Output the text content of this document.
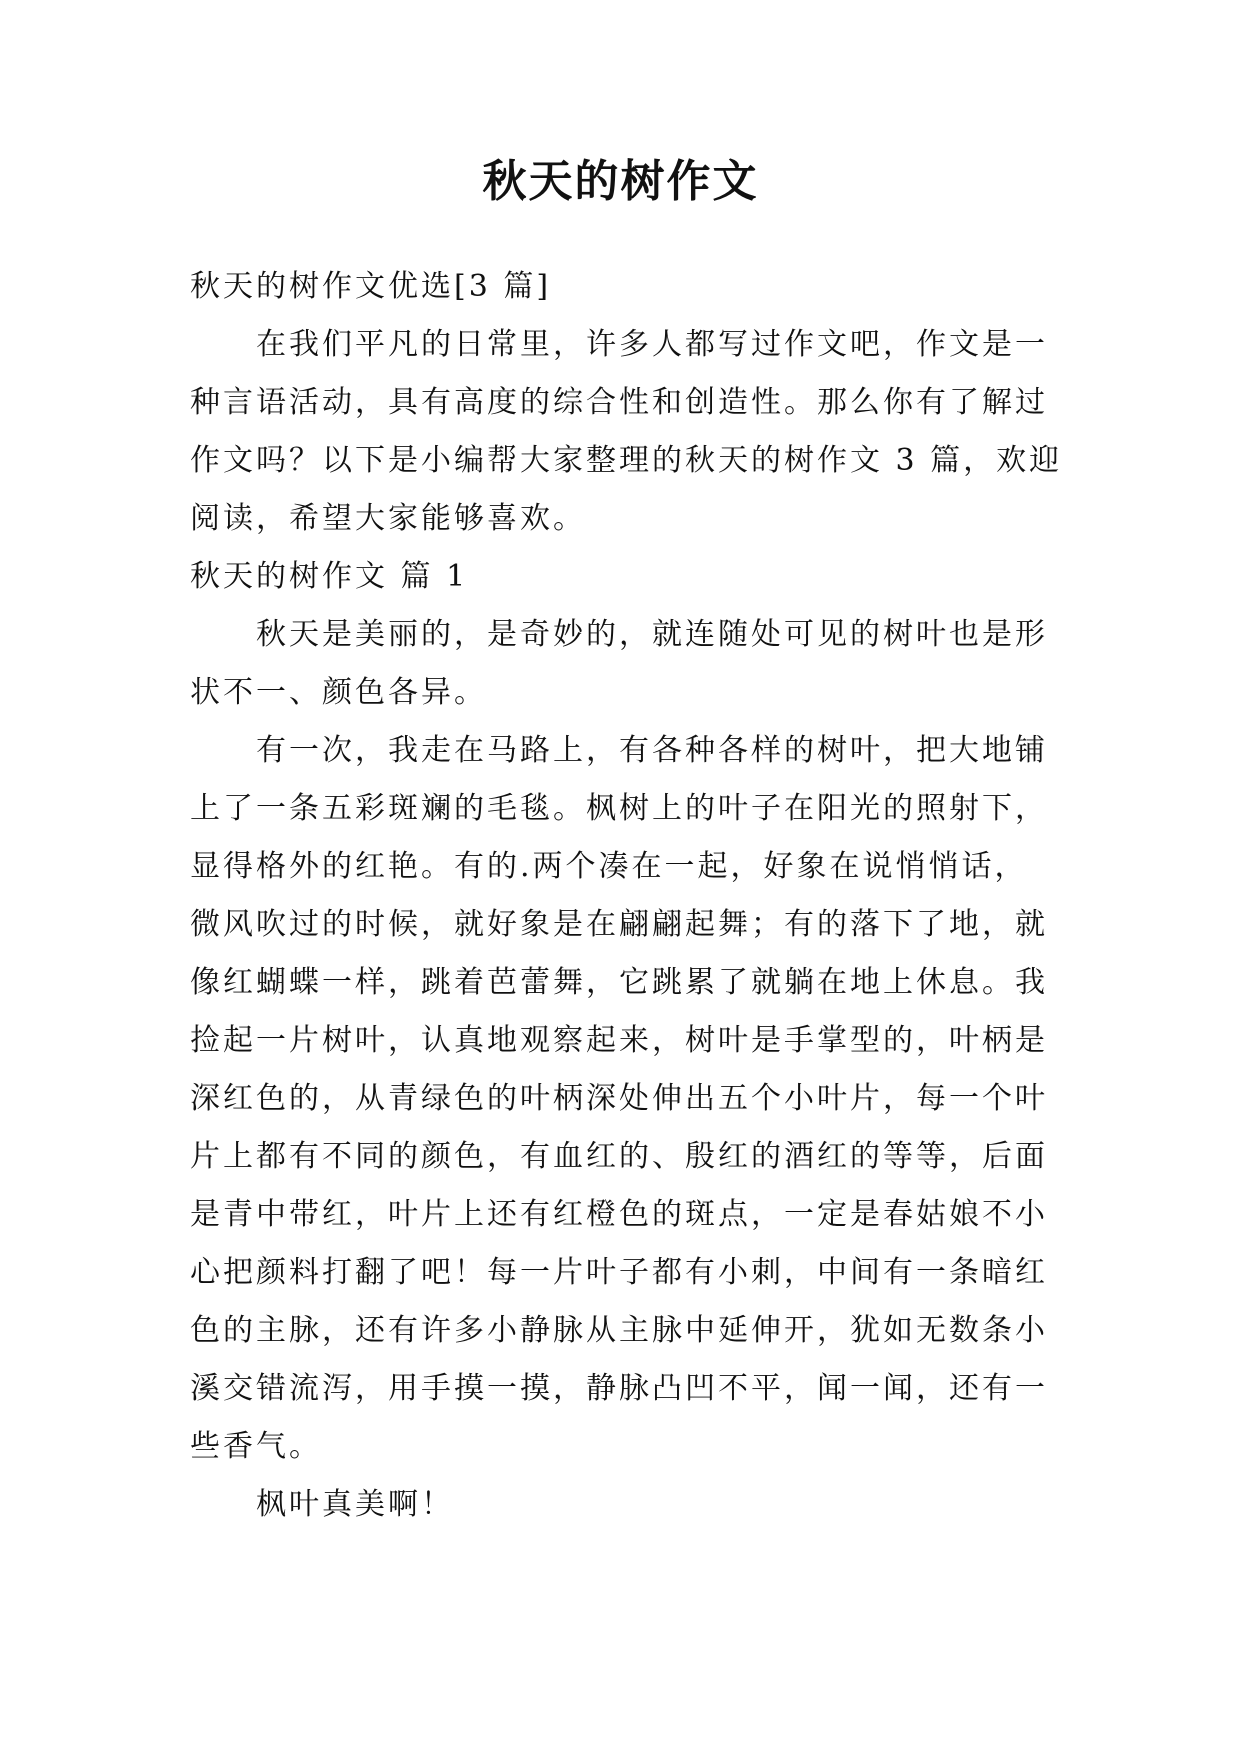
秋天的树作文

秋天的树作文优选[3 篇]

　　在我们平凡的日常里，许多人都写过作文吧，作文是一

种言语活动，具有高度的综合性和创造性。那么你有了解过

作文吗？以下是小编帮大家整理的秋天的树作文 3 篇，欢迎

阅读，希望大家能够喜欢。

秋天的树作文 篇 1

　　秋天是美丽的，是奇妙的，就连随处可见的树叶也是形

状不一、颜色各异。

　　有一次，我走在马路上，有各种各样的树叶，把大地铺

上了一条五彩斑斓的毛毯。枫树上的叶子在阳光的照射下，

显得格外的红艳。有的.两个凑在一起，好象在说悄悄话，

微风吹过的时候，就好象是在翩翩起舞；有的落下了地，就

像红蝴蝶一样，跳着芭蕾舞，它跳累了就躺在地上休息。我

捡起一片树叶，认真地观察起来，树叶是手掌型的，叶柄是

深红色的，从青绿色的叶柄深处伸出五个小叶片，每一个叶

片上都有不同的颜色，有血红的、殷红的酒红的等等，后面

是青中带红，叶片上还有红橙色的斑点，一定是春姑娘不小

心把颜料打翻了吧！每一片叶子都有小刺，中间有一条暗红

色的主脉，还有许多小静脉从主脉中延伸开，犹如无数条小

溪交错流泻，用手摸一摸，静脉凸凹不平，闻一闻，还有一

些香气。

　　枫叶真美啊！
